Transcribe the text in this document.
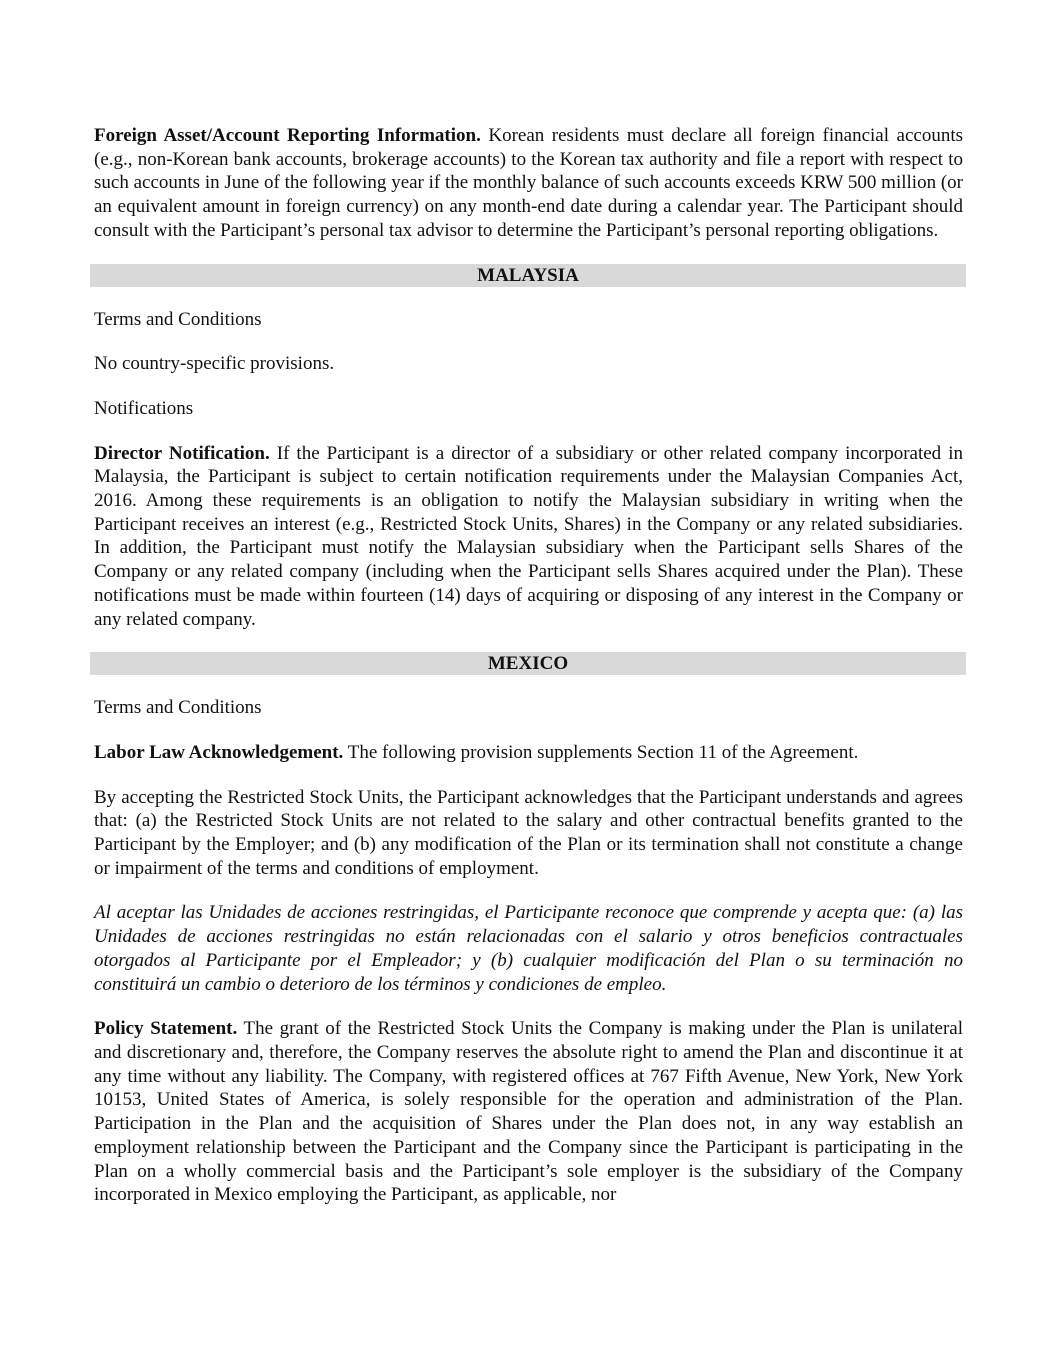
Foreign Asset/Account Reporting Information. Korean residents must declare all foreign financial accounts (e.g., non-Korean bank accounts, brokerage accounts) to the Korean tax authority and file a report with respect to such accounts in June of the following year if the monthly balance of such accounts exceeds KRW 500 million (or an equivalent amount in foreign currency) on any month-end date during a calendar year. The Participant should consult with the Participant’s personal tax advisor to determine the Participant’s personal reporting obligations.

MALAYSIA

Terms and Conditions

No country-specific provisions.

Notifications

Director Notification. If the Participant is a director of a subsidiary or other related company incorporated in Malaysia, the Participant is subject to certain notification requirements under the Malaysian Companies Act, 2016. Among these requirements is an obligation to notify the Malaysian subsidiary in writing when the Participant receives an interest (e.g., Restricted Stock Units, Shares) in the Company or any related subsidiaries. In addition, the Participant must notify the Malaysian subsidiary when the Participant sells Shares of the Company or any related company (including when the Participant sells Shares acquired under the Plan). These notifications must be made within fourteen (14) days of acquiring or disposing of any interest in the Company or any related company.

MEXICO

Terms and Conditions

Labor Law Acknowledgement. The following provision supplements Section 11 of the Agreement.

By accepting the Restricted Stock Units, the Participant acknowledges that the Participant understands and agrees that: (a) the Restricted Stock Units are not related to the salary and other contractual benefits granted to the Participant by the Employer; and (b) any modification of the Plan or its termination shall not constitute a change or impairment of the terms and conditions of employment.

Al aceptar las Unidades de acciones restringidas, el Participante reconoce que comprende y acepta que: (a) las Unidades de acciones restringidas no están relacionadas con el salario y otros beneficios contractuales otorgados al Participante por el Empleador; y (b) cualquier modificación del Plan o su terminación no constituirá un cambio o deterioro de los términos y condiciones de empleo.

Policy Statement. The grant of the Restricted Stock Units the Company is making under the Plan is unilateral and discretionary and, therefore, the Company reserves the absolute right to amend the Plan and discontinue it at any time without any liability. The Company, with registered offices at 767 Fifth Avenue, New York, New York 10153, United States of America, is solely responsible for the operation and administration of the Plan. Participation in the Plan and the acquisition of Shares under the Plan does not, in any way establish an employment relationship between the Participant and the Company since the Participant is participating in the Plan on a wholly commercial basis and the Participant’s sole employer is the subsidiary of the Company incorporated in Mexico employing the Participant, as applicable, nor
